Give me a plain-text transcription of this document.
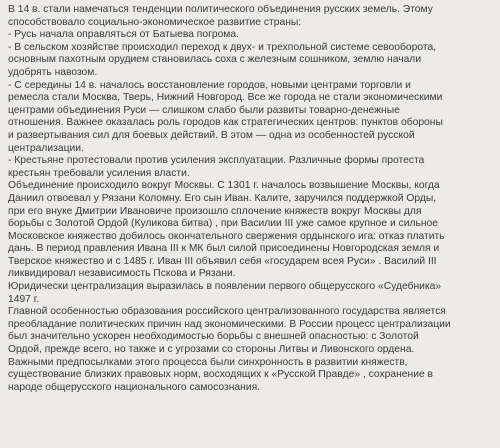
В 14 в. стали намечаться тенденции политического объединения русских земель. Этому
способствовало социально-экономическое развитие страны:
- Русь начала оправляться от Батыева погрома.
- В сельском хозяйстве происходил переход к двух- и трехпольной системе севооборота,
основным пахотным орудием становилась соха с железным сошником, землю начали
удобрять навозом.
- С середины 14 в. началось восстановление городов, новыми центрами торговли и
ремесла стали Москва, Тверь, Нижний Новгород. Все же города не стали экономическими
центрами объединения Руси — слишком слабо были развиты товарно-денежные
отношения. Важнее оказалась роль городов как стратегических центров: пунктов обороны
и развертывания сил для боевых действий. В этом — одна из особенностей русской
централизации.
- Крестьяне протестовали против усиления эксплуатации. Различные формы протеста
крестьян требовали усиления власти.
Объединение происходило вокруг Москвы. С 1301 г. началось возвышение Москвы, когда
Даниил отвоевал у Рязани Коломну. Его сын Иван. Калите, заручился поддержкой Орды,
при его внуке Дмитрии Ивановиче произошло сплочение княжеств вокруг Москвы для
борьбы с Золотой Ордой (Куликова битва) , при Василии III уже самое крупное и сильное
Московское княжество добилось окончательного свержения ордынского ига: отказ платить
дань. В период правления Ивана III к МК был силой присоединены Новгородская земля и
Тверское княжество и с 1485 г. Иван III объявил себя «государем всея Руси» . Василий III
ликвидировал независимость Пскова и Рязани.
Юридически централизация выразилась в появлении первого общерусского «Судебника»
1497 г.
Главной особенностью образования российского централизованного государства является
преобладание политических причин над экономическими. В России процесс централизации
был значительно ускорен необходимостью борьбы с внешней опасностью: с Золотой
Ордой, прежде всего, но также и с угрозами со стороны Литвы и Ливонского ордена.
Важными предпосылками этого процесса были синхронность в развитии княжеств,
существование близких правовых норм, восходящих к «Русской Правде» , сохранение в
народе общерусского национального самосознания.
